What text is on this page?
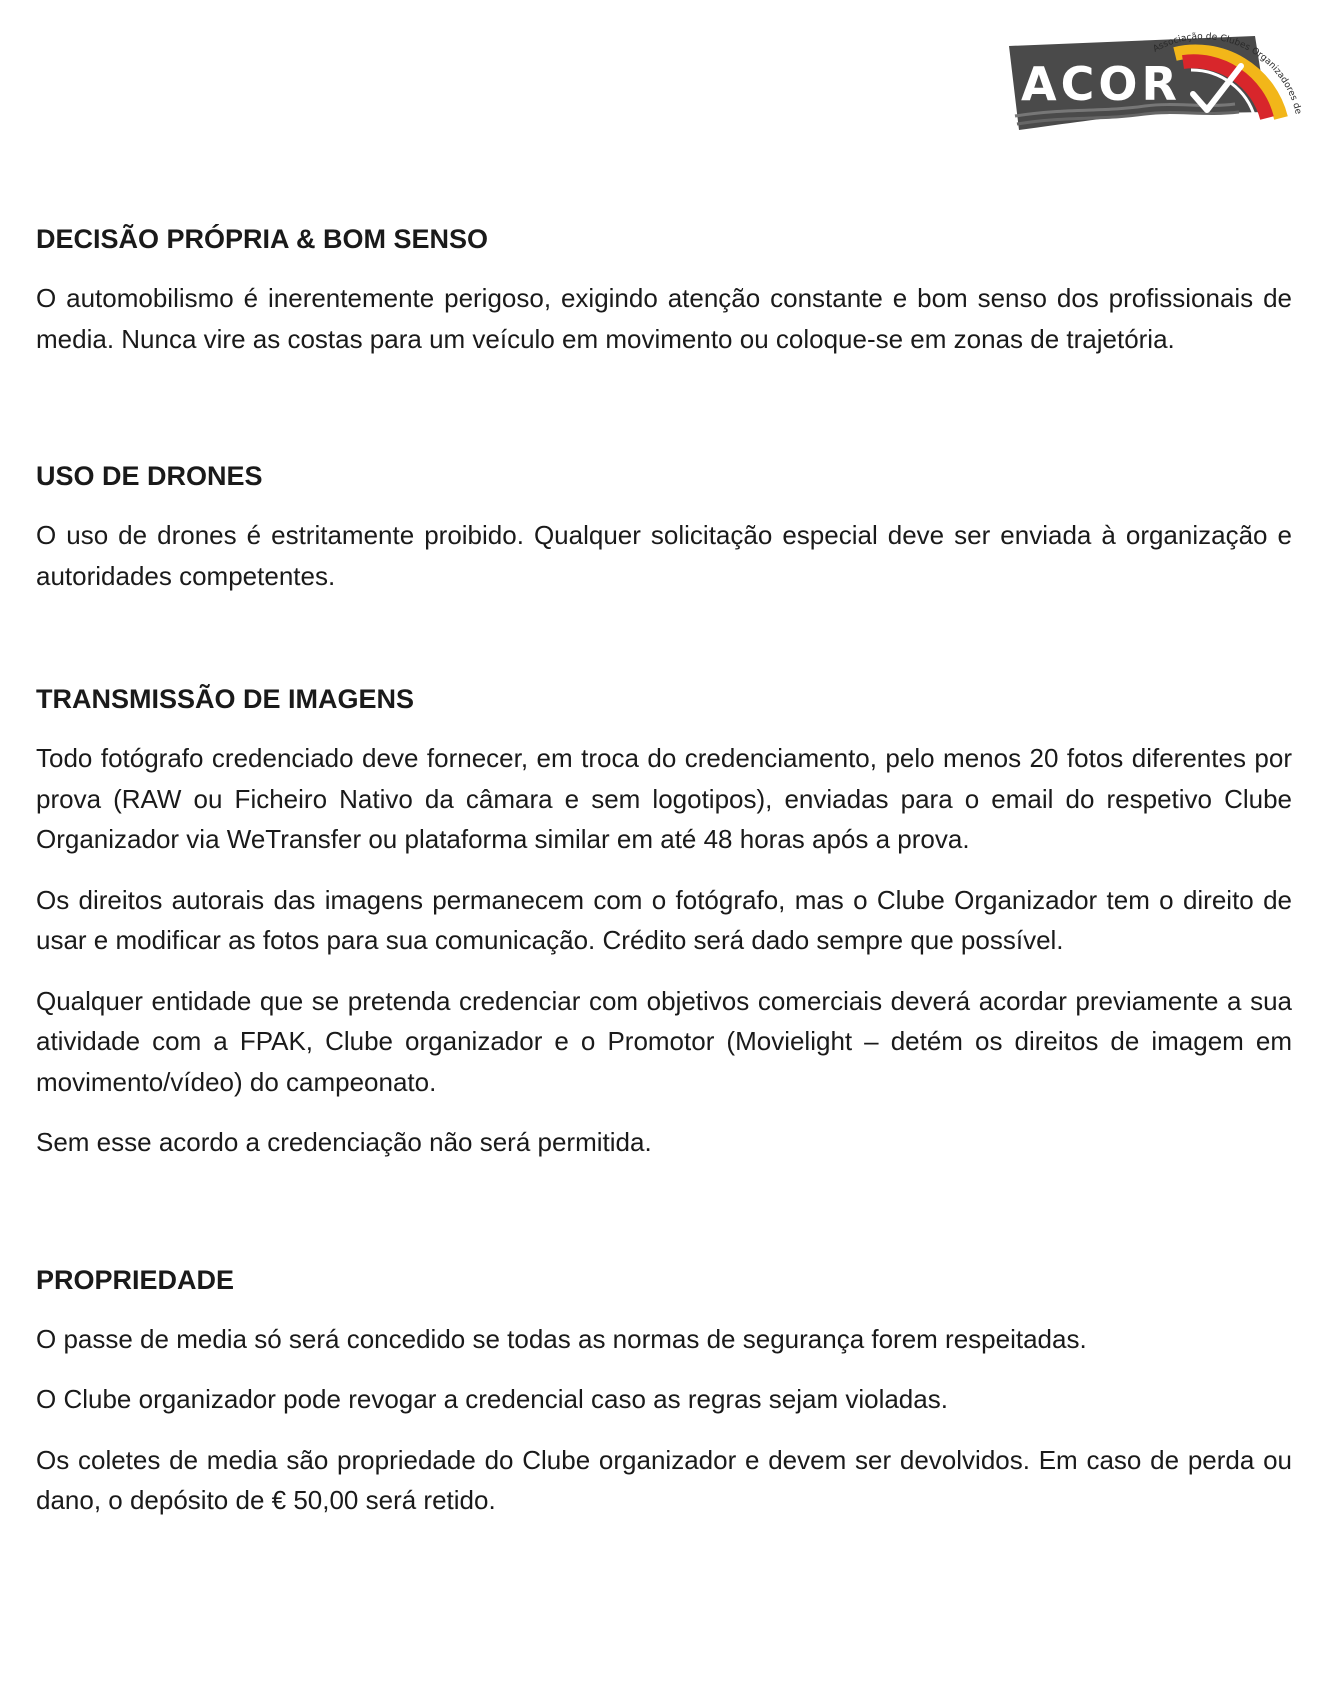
ACOR
Associação de Clubes Organizadores de
DECISÃO PRÓPRIA & BOM SENSO

O automobilismo é inerentemente perigoso, exigindo atenção constante e bom senso dos profissionais de media. Nunca vire as costas para um veículo em movimento ou coloque-se em zonas de trajetória.

USO DE DRONES

O uso de drones é estritamente proibido. Qualquer solicitação especial deve ser enviada à organização e autoridades competentes.

TRANSMISSÃO DE IMAGENS

Todo fotógrafo credenciado deve fornecer, em troca do credenciamento, pelo menos 20 fotos diferentes por prova (RAW ou Ficheiro Nativo da câmara e sem logotipos), enviadas para o email do respetivo Clube Organizador via WeTransfer ou plataforma similar em até 48 horas após a prova.

Os direitos autorais das imagens permanecem com o fotógrafo, mas o Clube Organizador tem o direito de usar e modificar as fotos para sua comunicação. Crédito será dado sempre que possível.

Qualquer entidade que se pretenda credenciar com objetivos comerciais deverá acordar previamente a sua atividade com a FPAK, Clube organizador e o Promotor (Movielight – detém os direitos de imagem em movimento/vídeo) do campeonato.

Sem esse acordo a credenciação não será permitida.

PROPRIEDADE

O passe de media só será concedido se todas as normas de segurança forem respeitadas.

O Clube organizador pode revogar a credencial caso as regras sejam violadas.

Os coletes de media são propriedade do Clube organizador e devem ser devolvidos. Em caso de perda ou dano, o depósito de € 50,00 será retido.
